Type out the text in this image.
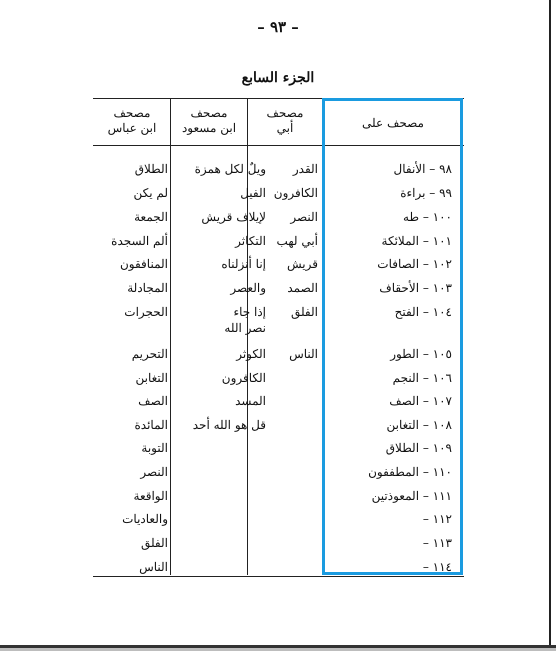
– ٩٣ –
الجزء السابع
مصحف علی
مصحف
أبي
مصحف
ابن مسعود
مصحف
ابن عباس
٩٨ – الأنفال
٩٩ – براءة
١٠٠ – طه
١٠١ – الملائكة
١٠٢ – الصافات
١٠٣ – الأحقاف
١٠٤ – الفتح
١٠٥ – الطور
١٠٦ – النجم
١٠٧ – الصف
١٠٨ – التغابن
١٠٩ – الطلاق
١١٠ – المطففون
١١١ – المعوذتين
١١٢ –
١١٣ –
١١٤ –
القدر
الكافرون
النصر
أبي لهب
قريش
الصمد
الفلق
الناس
ويلٌ لكل همزة
الفيل
لإيلاف قريش
التكاثر
إنا أنزلناه
والعصر
إذا جاء
نصر الله
الكوثر
الكافرون
المسد
قل هو الله أحد
الطلاق
لم يكن
الجمعة
ألم السجدة
المنافقون
المجادلة
الحجرات
التحريم
التغابن
الصف
المائدة
التوبة
النصر
الواقعة
والعاديات
الفلق
الناس
